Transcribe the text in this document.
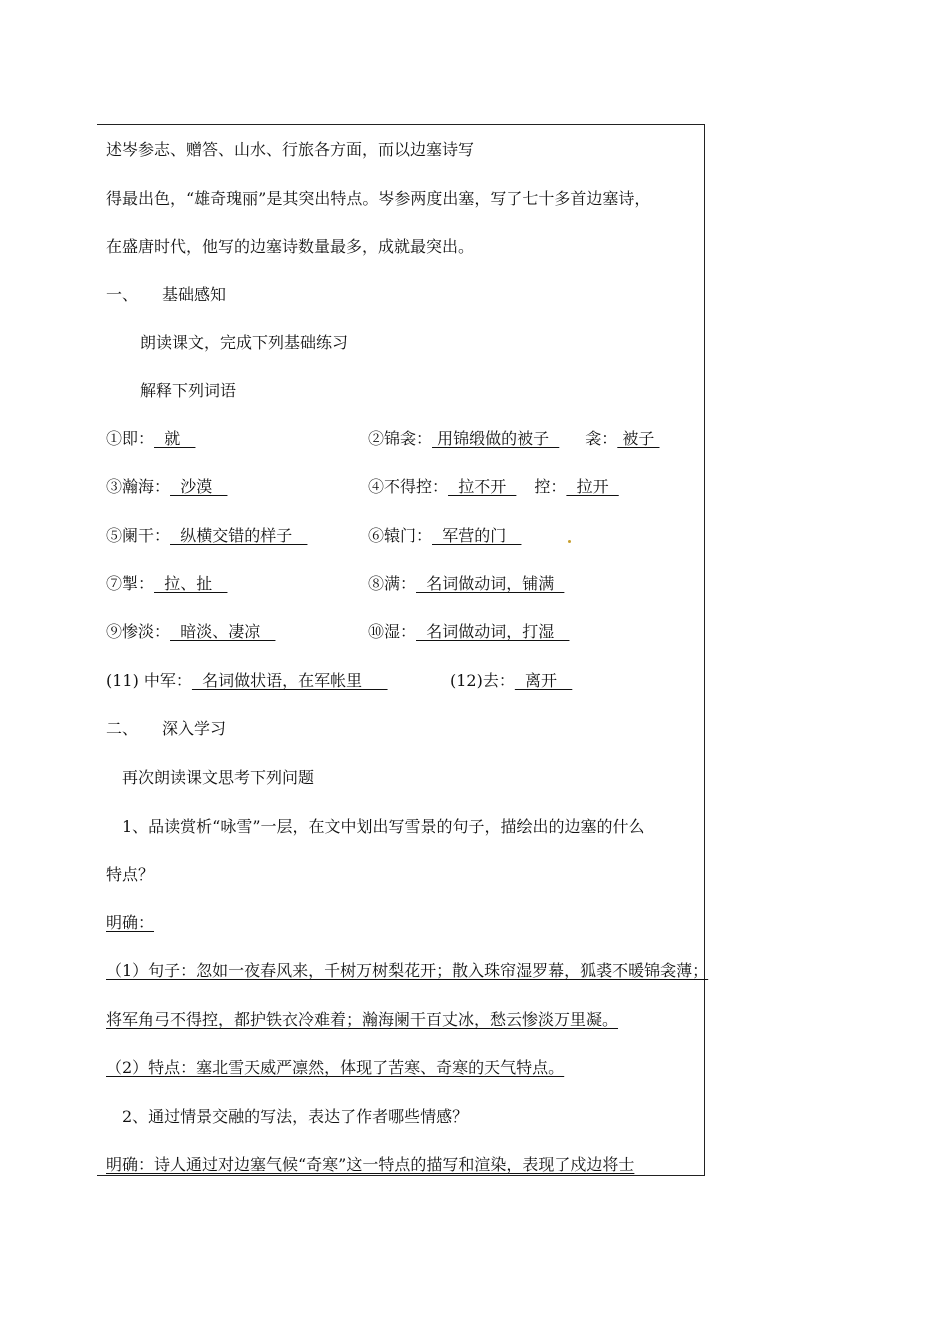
述岑参志、赠答、山水、行旅各方面，而以边塞诗写
得最出色，“雄奇瑰丽”是其突出特点。岑参两度出塞，写了七十多首边塞诗，
在盛唐时代，他写的边塞诗数量最多，成就最突出。
一、 基础感知
朗读课文，完成下列基础练习
解释下列词语
①即：  就	②锦衾： 用锦缎做的被子  衾： 被子
③瀚海：  沙漠	④不得控：  拉不开  控：  拉开
⑤阑干：  纵横交错的样子	⑥辕门：  军营的门
⑦掣：  拉、扯	⑧满：  名词做动词，铺满
⑨惨淡：  暗淡、凄凉	⑩湿：  名词做动词，打湿
(11) 中军：  名词做状语，在军帐里	(12)去：  离开
二、 深入学习
再次朗读课文思考下列问题
1、品读赏析“咏雪”一层，在文中划出写雪景的句子，描绘出的边塞的什么
特点？
明确：
（1）句子：忽如一夜春风来，千树万树梨花开；散入珠帘湿罗幕，狐裘不暖锦衾薄；
将军角弓不得控，都护铁衣冷难着；瀚海阑干百丈冰，愁云惨淡万里凝。
（2）特点：塞北雪天威严凛然，体现了苦寒、奇寒的天气特点。
2、通过情景交融的写法，表达了作者哪些情感？
明确：诗人通过对边塞气候“奇寒”这一特点的描写和渲染，表现了戍边将士
